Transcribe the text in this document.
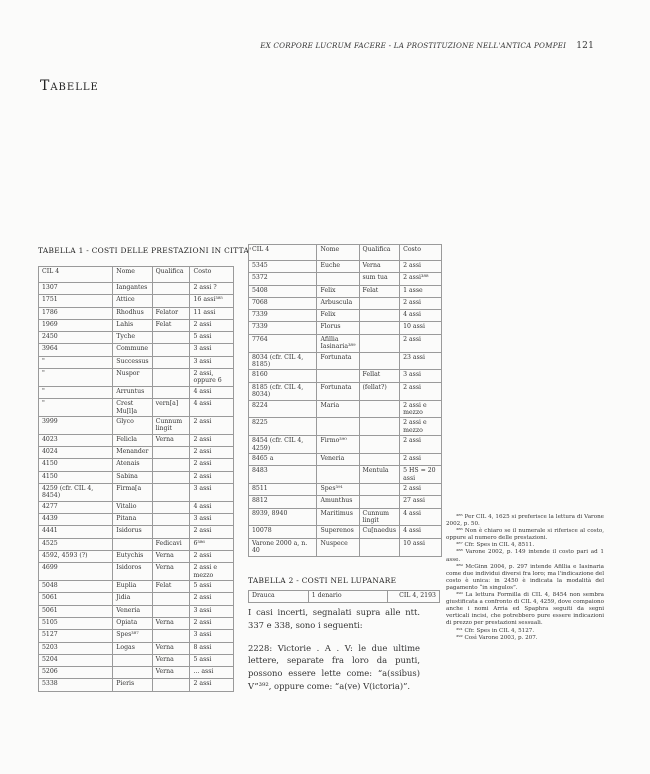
EX CORPORE LUCRUM FACERE - LA PROSTITUZIONE NELL'ANTICA POMPEI 121
Tabelle
TABELLA 1 - COSTI DELLE PRESTAZIONI IN CITTA'
CIL 4	Nome	Qualifica	Costo
1307	Iangantes		2 assi ?
1751	Attice		16 assi³⁸⁵
1786	Rhodhus	Felator	11 assi
1969	Lahis	Felat	2 assi
2450	Tyche		5 assi
3964	Commune		3 assi
"	Successus		3 assi
"	Nuspor		2 assi, oppure 6
"	Arruntus		4 assi
"	Crest Mu[l]a	vern[a]	4 assi
3999	Glyco	Cunnum lingit	2 assi
4023	Felicla	Verna	2 assi
4024	Menander		2 assi
4150	Atenais		2 assi
4150	Sabina		2 assi
4259 (cfr. CIL 4, 8454)	Firma[a		3 assi
4277	Vitalio		4 assi
4439	Pitana		3 assi
4441	Isidorus		2 assi
4525		Fedicavi	6³⁸⁶
4592, 4593 (?)	Eutychis	Verna	2 assi
4699	Isidoros	Verna	2 assi e mezzo
5048	Euplia	Felat	5 assi
5061	Jidia		2 assi
5061	Veneria		3 assi
5105	Opiata	Verna	2 assi
5127	Spes³⁸⁷		3 assi
5203	Logas	Verna	8 assi
5204		Verna	5 assi
5206		Verna	... assi
5338	Pieris		2 assi
CIL 4	Nome	Qualifica	Costo
5345	Euche	Verna	2 assi
5372		sum tua	2 assi³⁸⁸
5408	Felix	Felat	1 asse
7068	Arbuscula		2 assi
7339	Felix		4 assi
7339	Florus		10 assi
7764	Afillia Iasinaria³⁸⁹		2 assi
8034 (cfr. CIL 4, 8185)	Fortunata		23 assi
8160		Fellat	3 assi
8185 (cfr. CIL 4, 8034)	Fortunata	(fellat?)	2 assi
8224	Maria		2 assi e mezzo
8225			2 assi e mezzo
8454 (cfr. CIL 4, 4259)	Firmo³⁹⁰		2 assi
8465 a	Veneria		2 assi
8483		Mentula	5 HS = 20 assi
8511	Spes³⁹¹		2 assi
8812	Amunthus		27 assi
8939, 8940	Maritimus	Cunnum lingit	4 assi
10078	Superenos	Cu[naedus	4 assi
Varone 2000 a, n. 40	Nuspece		10 assi
TABELLA 2 - COSTI NEL LUPANARE
Drauca	1 denario	CIL 4, 2193

I casi incerti, segnalati supra alle ntt. 337 e 338, sono i seguenti:

2228: Victorie . A . V: le due ultime lettere, separate fra loro da punti, possono essere lette come: “a(ssibus) V”³⁹², oppure come: “a(ve) V(ictoria)”.

³⁸⁵ Per CIL 4, 1625 si preferisce la lettura di Varone 2002, p. 50.

³⁸⁶ Non è chiaro se il numerale si riferisce al costo, oppure al numero delle prestazioni.

³⁸⁷ Cfr. Spes in CIL 4, 8511.

³⁸⁸ Varone 2002, p. 149 intende il costo pari ad 1 asse.

³⁸⁹ McGinn 2004, p. 297 intende Afillia e Iasinaria come due individui diversi fra loro; ma l'indicazione del costo è unica: in 2450 è indicata la modalità del pagamento “in singulos”.

³⁹⁰ La lettura Formilla di CIL 4, 8454 non sembra giustificata a confronto di CIL 4, 4259, dove compaiono anche i nomi Arria ed Spaphra seguiti da segni verticali incisi, che potrebbero pure essere indicazioni di prezzo per prestazioni sessuali.

³⁹¹ Cfr. Spes in CIL 4, 5127.

³⁹² Così Varone 2003, p. 207.
